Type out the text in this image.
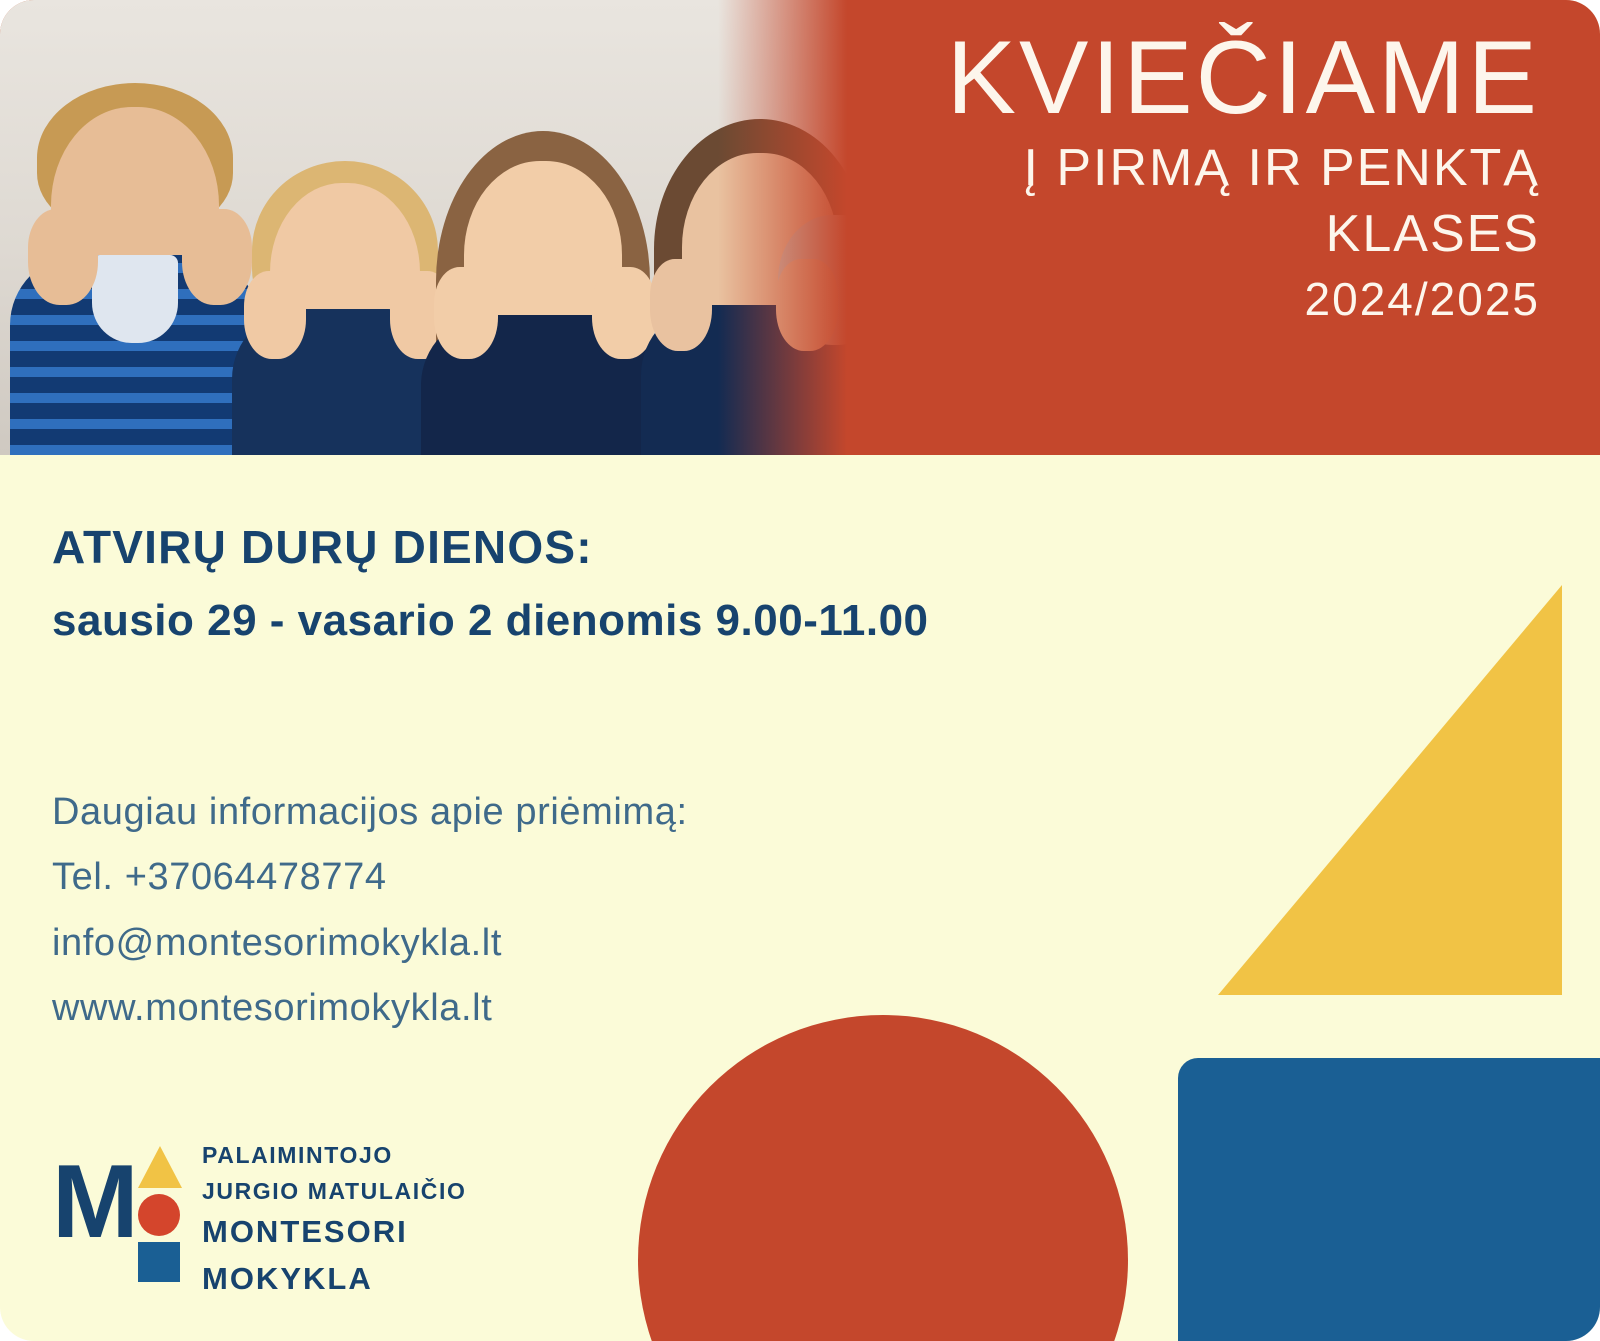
KVIEČIAME
Į PIRMĄ IR PENKTĄ
KLASES
2024/2025
ATVIRŲ DURŲ DIENOS:
sausio 29 - vasario 2 dienomis 9.00-11.00
Daugiau informacijos apie priėmimą:
Tel. +37064478774
info@montesorimokykla.lt
www.montesorimokykla.lt
M	PALAIMINTOJO
JURGIO MATULAIČIO
MONTESORI
MOKYKLA
